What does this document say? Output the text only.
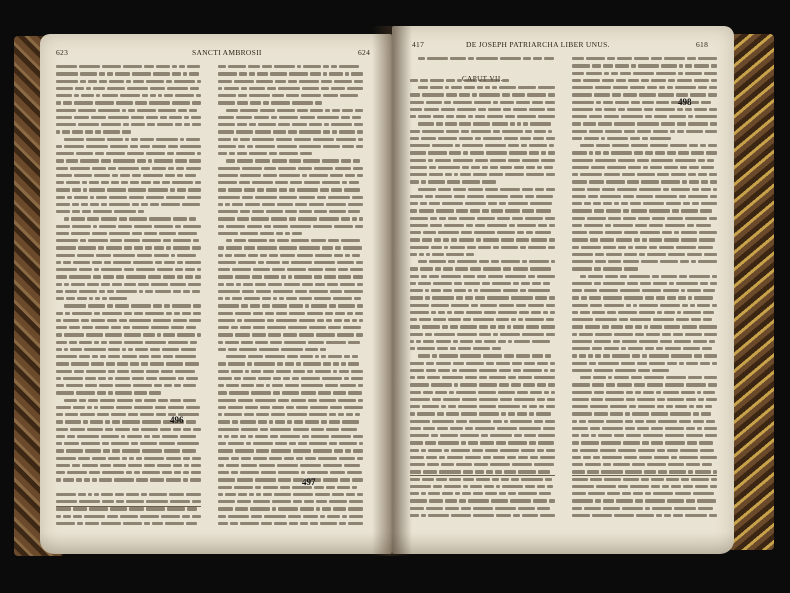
623	SANCTI AMBROSII	624
496
497
417	DE JOSEPH PATRIARCHA LIBER UNUS.	618
498
